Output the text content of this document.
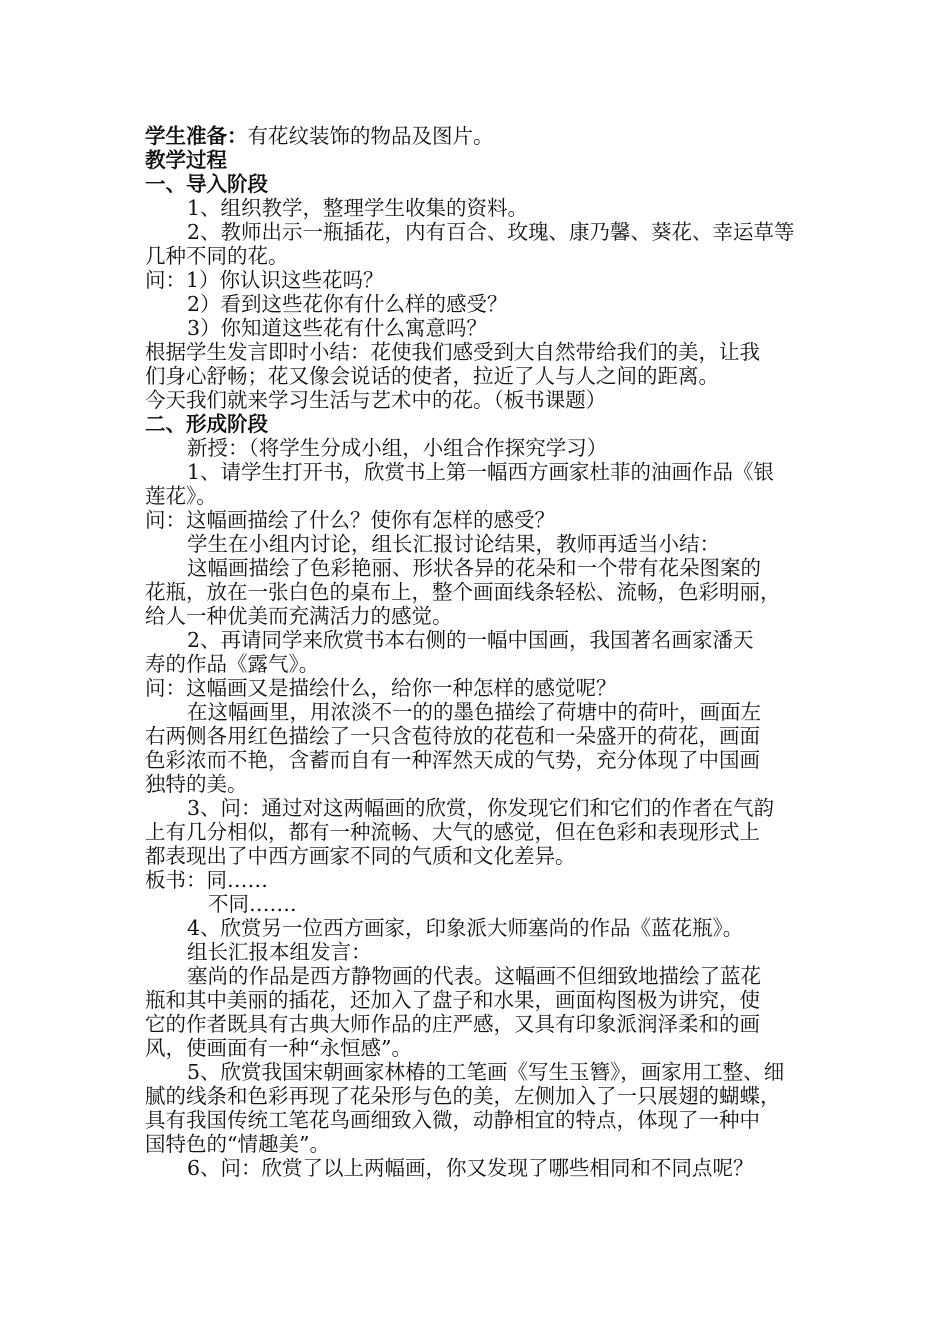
学生准备：有花纹装饰的物品及图片。
教学过程
一、导入阶段
1、组织教学，整理学生收集的资料。
2、教师出示一瓶插花，内有百合、玫瑰、康乃馨、葵花、幸运草等
几种不同的花。
问：1）你认识这些花吗？
2）看到这些花你有什么样的感受？
3）你知道这些花有什么寓意吗？
根据学生发言即时小结：花使我们感受到大自然带给我们的美，让我
们身心舒畅；花又像会说话的使者，拉近了人与人之间的距离。
今天我们就来学习生活与艺术中的花。（板书课题）
二、形成阶段
新授：（将学生分成小组，小组合作探究学习）
1、请学生打开书，欣赏书上第一幅西方画家杜菲的油画作品《银
莲花》。
问：这幅画描绘了什么？使你有怎样的感受？
学生在小组内讨论，组长汇报讨论结果，教师再适当小结：
这幅画描绘了色彩艳丽、形状各异的花朵和一个带有花朵图案的
花瓶，放在一张白色的桌布上，整个画面线条轻松、流畅，色彩明丽，
给人一种优美而充满活力的感觉。
2、再请同学来欣赏书本右侧的一幅中国画，我国著名画家潘天
寿的作品《露气》。
问：这幅画又是描绘什么，给你一种怎样的感觉呢？
在这幅画里，用浓淡不一的的墨色描绘了荷塘中的荷叶，画面左
右两侧各用红色描绘了一只含苞待放的花苞和一朵盛开的荷花，画面
色彩浓而不艳，含蓄而自有一种浑然天成的气势，充分体现了中国画
独特的美。
3、问：通过对这两幅画的欣赏，你发现它们和它们的作者在气韵
上有几分相似，都有一种流畅、大气的感觉，但在色彩和表现形式上
都表现出了中西方画家不同的气质和文化差异。
板书：同……
不同…….
4、欣赏另一位西方画家，印象派大师塞尚的作品《蓝花瓶》。
组长汇报本组发言：
塞尚的作品是西方静物画的代表。这幅画不但细致地描绘了蓝花
瓶和其中美丽的插花，还加入了盘子和水果，画面构图极为讲究，使
它的作者既具有古典大师作品的庄严感，又具有印象派润泽柔和的画
风，使画面有一种“永恒感”。
5、欣赏我国宋朝画家林椿的工笔画《写生玉簪》，画家用工整、细
腻的线条和色彩再现了花朵形与色的美，左侧加入了一只展翅的蝴蝶，
具有我国传统工笔花鸟画细致入微，动静相宜的特点，体现了一种中
国特色的“情趣美”。
6、问：欣赏了以上两幅画，你又发现了哪些相同和不同点呢？
